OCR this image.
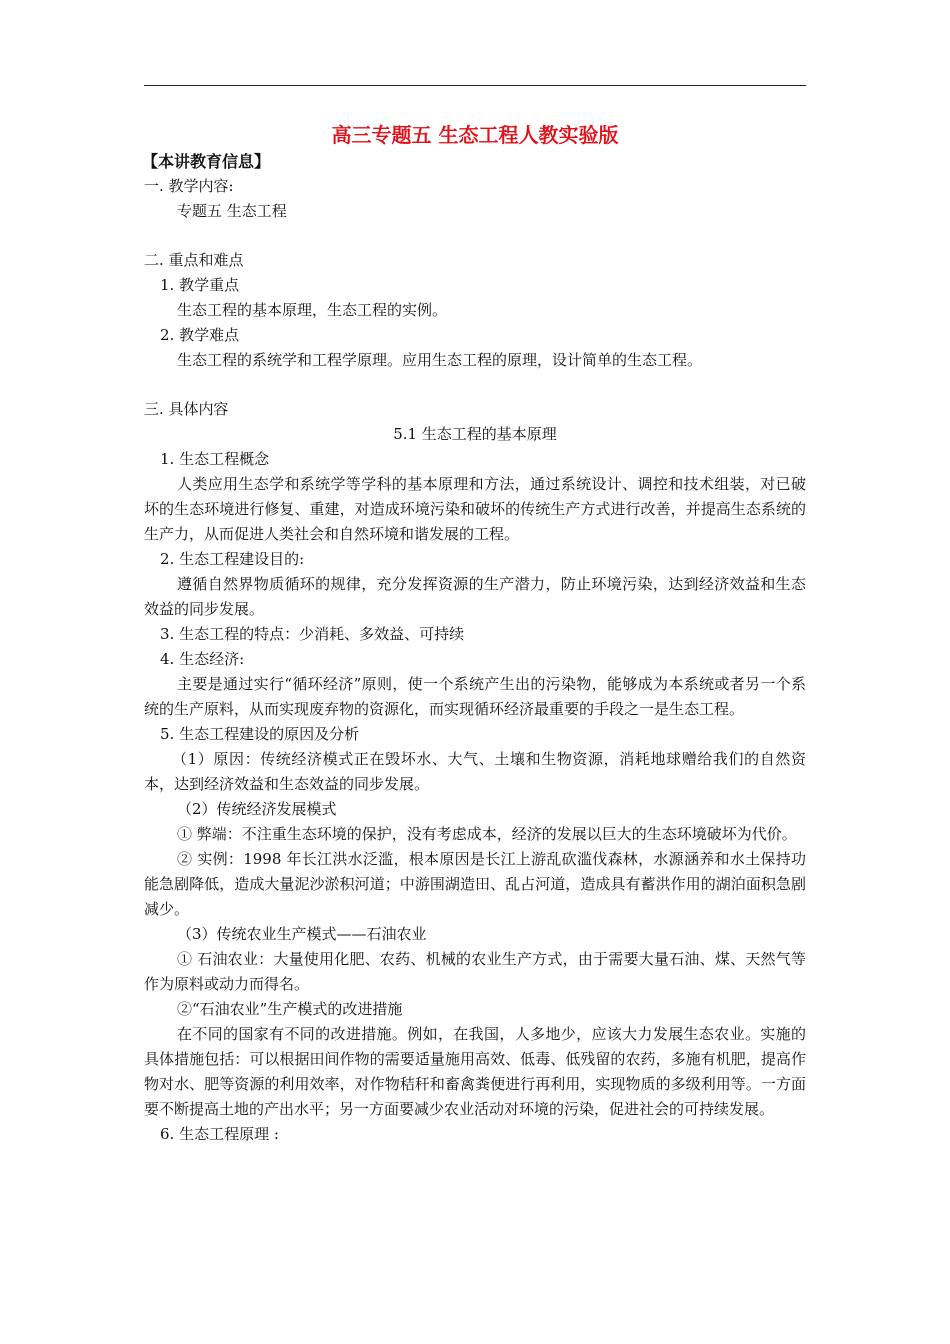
高三专题五 生态工程人教实验版
【本讲教育信息】
一. 教学内容:
专题五 生态工程
二. 重点和难点
1. 教学重点
生态工程的基本原理，生态工程的实例。
2. 教学难点
生态工程的系统学和工程学原理。应用生态工程的原理，设计简单的生态工程。
三. 具体内容
5.1 生态工程的基本原理
1. 生态工程概念
人类应用生态学和系统学等学科的基本原理和方法，通过系统设计、调控和技术组装，对已破坏的生态环境进行修复、重建，对造成环境污染和破坏的传统生产方式进行改善，并提高生态系统的生产力，从而促进人类社会和自然环境和谐发展的工程。
2. 生态工程建设目的:
遵循自然界物质循环的规律，充分发挥资源的生产潜力，防止环境污染，达到经济效益和生态效益的同步发展。
3. 生态工程的特点：少消耗、多效益、可持续
4. 生态经济:
主要是通过实行“循环经济”原则，使一个系统产生出的污染物，能够成为本系统或者另一个系统的生产原料，从而实现废弃物的资源化，而实现循环经济最重要的手段之一是生态工程。
5. 生态工程建设的原因及分析
（1）原因：传统经济模式正在毁坏水、大气、土壤和生物资源，消耗地球赠给我们的自然资本，达到经济效益和生态效益的同步发展。
（2）传统经济发展模式
① 弊端：不注重生态环境的保护，没有考虑成本，经济的发展以巨大的生态环境破坏为代价。
② 实例：1998 年长江洪水泛滥，根本原因是长江上游乱砍滥伐森林，水源涵养和水土保持功能急剧降低，造成大量泥沙淤积河道；中游围湖造田、乱占河道，造成具有蓄洪作用的湖泊面积急剧减少。
（3）传统农业生产模式——石油农业
① 石油农业：大量使用化肥、农药、机械的农业生产方式，由于需要大量石油、煤、天然气等作为原料或动力而得名。
②“石油农业”生产模式的改进措施
在不同的国家有不同的改进措施。例如，在我国，人多地少，应该大力发展生态农业。实施的具体措施包括：可以根据田间作物的需要适量施用高效、低毒、低残留的农药，多施有机肥，提高作物对水、肥等资源的利用效率，对作物秸秆和畜禽粪便进行再利用，实现物质的多级利用等。一方面要不断提高土地的产出水平；另一方面要减少农业活动对环境的污染，促进社会的可持续发展。
6. 生态工程原理 :
